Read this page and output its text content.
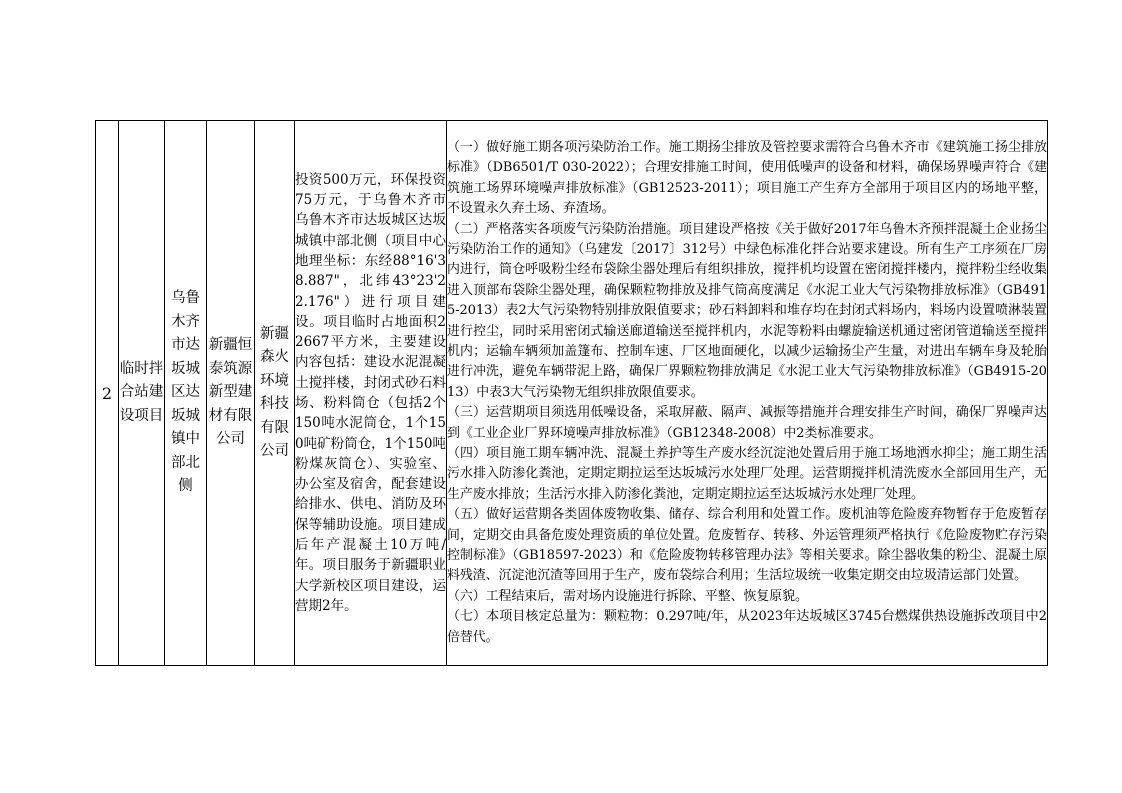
2	临时拌合站建设项目	乌鲁木齐市达坂城区达坂城镇中部北侧	新疆恒泰筑源新型建材有限公司	新疆森火环境科技有限公司	投资500万元，环保投资75万元，于乌鲁木齐市乌鲁木齐市达坂城区达坂城镇中部北侧（项目中心地理坐标：东经88°16'38.887"，北纬43°23'22.176"）进行项目建设。项目临时占地面积22667平方米，主要建设内容包括：建设水泥混凝土搅拌楼，封闭式砂石料场、粉料筒仓（包括2个150吨水泥筒仓，1个150吨矿粉筒仓，1个150吨粉煤灰筒仓）、实验室、办公室及宿舍，配套建设给排水、供电、消防及环保等辅助设施。项目建成后年产混凝土10万吨/年。项目服务于新疆职业大学新校区项目建设，运营期2年。	

（一）做好施工期各项污染防治工作。施工期扬尘排放及管控要求需符合乌鲁木齐市《建筑施工扬尘排放标准》（DB6501/T 030-2022）；合理安排施工时间，使用低噪声的设备和材料，确保场界噪声符合《建筑施工场界环境噪声排放标准》（GB12523-2011）；项目施工产生弃方全部用于项目区内的场地平整，不设置永久弃土场、弃渣场。

（二）严格落实各项废气污染防治措施。项目建设严格按《关于做好2017年乌鲁木齐预拌混凝土企业扬尘污染防治工作的通知》（乌建发〔2017〕312号）中绿色标准化拌合站要求建设。所有生产工序须在厂房内进行，筒仓呼吸粉尘经布袋除尘器处理后有组织排放，搅拌机均设置在密闭搅拌楼内，搅拌粉尘经收集进入顶部布袋除尘器处理，确保颗粒物排放及排气筒高度满足《水泥工业大气污染物排放标准》（GB4915-2013）表2大气污染物特别排放限值要求；砂石料卸料和堆存均在封闭式料场内，料场内设置喷淋装置进行控尘，同时采用密闭式输送廊道输送至搅拌机内，水泥等粉料由螺旋输送机通过密闭管道输送至搅拌机内；运输车辆须加盖篷布、控制车速、厂区地面硬化，以减少运输扬尘产生量，对进出车辆车身及轮胎进行冲洗，避免车辆带泥上路，确保厂界颗粒物排放满足《水泥工业大气污染物排放标准》（GB4915-2013）中表3大气污染物无组织排放限值要求。

（三）运营期项目须选用低噪设备，采取屏蔽、隔声、减振等措施并合理安排生产时间，确保厂界噪声达到《工业企业厂界环境噪声排放标准》（GB12348-2008）中2类标准要求。

（四）项目施工期车辆冲洗、混凝土养护等生产废水经沉淀池处置后用于施工场地洒水抑尘；施工期生活污水排入防渗化粪池，定期定期拉运至达坂城污水处理厂处理。运营期搅拌机清洗废水全部回用生产，无生产废水排放；生活污水排入防渗化粪池，定期定期拉运至达坂城污水处理厂处理。

（五）做好运营期各类固体废物收集、储存、综合利用和处置工作。废机油等危险废弃物暂存于危废暂存间，定期交由具备危废处理资质的单位处置。危废暂存、转移、外运管理须严格执行《危险废物贮存污染控制标准》（GB18597-2023）和《危险废物转移管理办法》等相关要求。除尘器收集的粉尘、混凝土原料残渣、沉淀池沉渣等回用于生产，废布袋综合利用；生活垃圾统一收集定期交由垃圾清运部门处置。

（六）工程结束后，需对场内设施进行拆除、平整、恢复原貌。

（七）本项目核定总量为：颗粒物：0.297吨/年，从2023年达坂城区3745台燃煤供热设施拆改项目中2倍替代。
